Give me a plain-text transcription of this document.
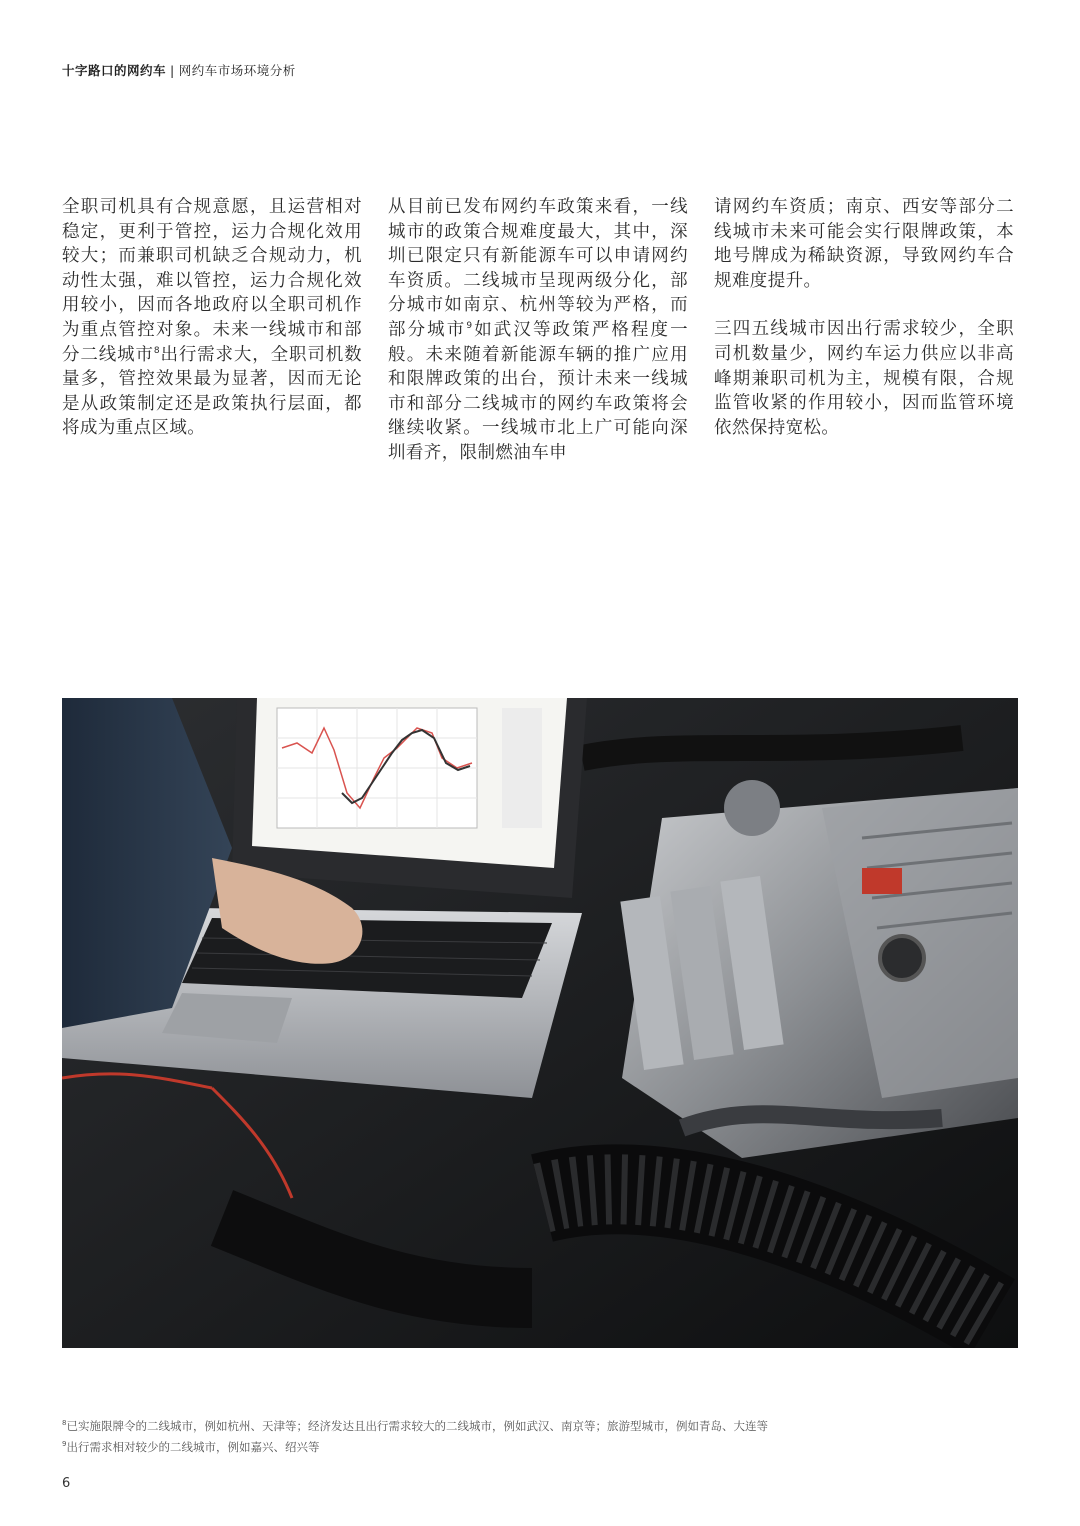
十字路口的网约车 | 网约车市场环境分析

全职司机具有合规意愿，且运营相对稳定，更利于管控，运力合规化效用较大；而兼职司机缺乏合规动力，机动性太强，难以管控，运力合规化效用较小，因而各地政府以全职司机作为重点管控对象。未来一线城市和部分二线城市$^8$出行需求大，全职司机数量多，管控效果最为显著，因而无论是从政策制定还是政策执行层面，都将成为重点区域。

从目前已发布网约车政策来看，一线城市的政策合规难度最大，其中，深圳已限定只有新能源车可以申请网约车资质。二线城市呈现两级分化，部分城市如南京、杭州等较为严格，而部分城市$^9$如武汉等政策严格程度一般。未来随着新能源车辆的推广应用和限牌政策的出台，预计未来一线城市和部分二线城市的网约车政策将会继续收紧。一线城市北上广可能向深圳看齐，限制燃油车申

请网约车资质；南京、西安等部分二线城市未来可能会实行限牌政策，本地号牌成为稀缺资源，导致网约车合规难度提升。

三四五线城市因出行需求较少，全职司机数量少，网约车运力供应以非高峰期兼职司机为主，规模有限，合规监管收紧的作用较小，因而监管环境依然保持宽松。

$^8$已实施限牌令的二线城市，例如杭州、天津等；经济发达且出行需求较大的二线城市，例如武汉、南京等；旅游型城市，例如青岛、大连等
$^9$出行需求相对较少的二线城市，例如嘉兴、绍兴等
6
